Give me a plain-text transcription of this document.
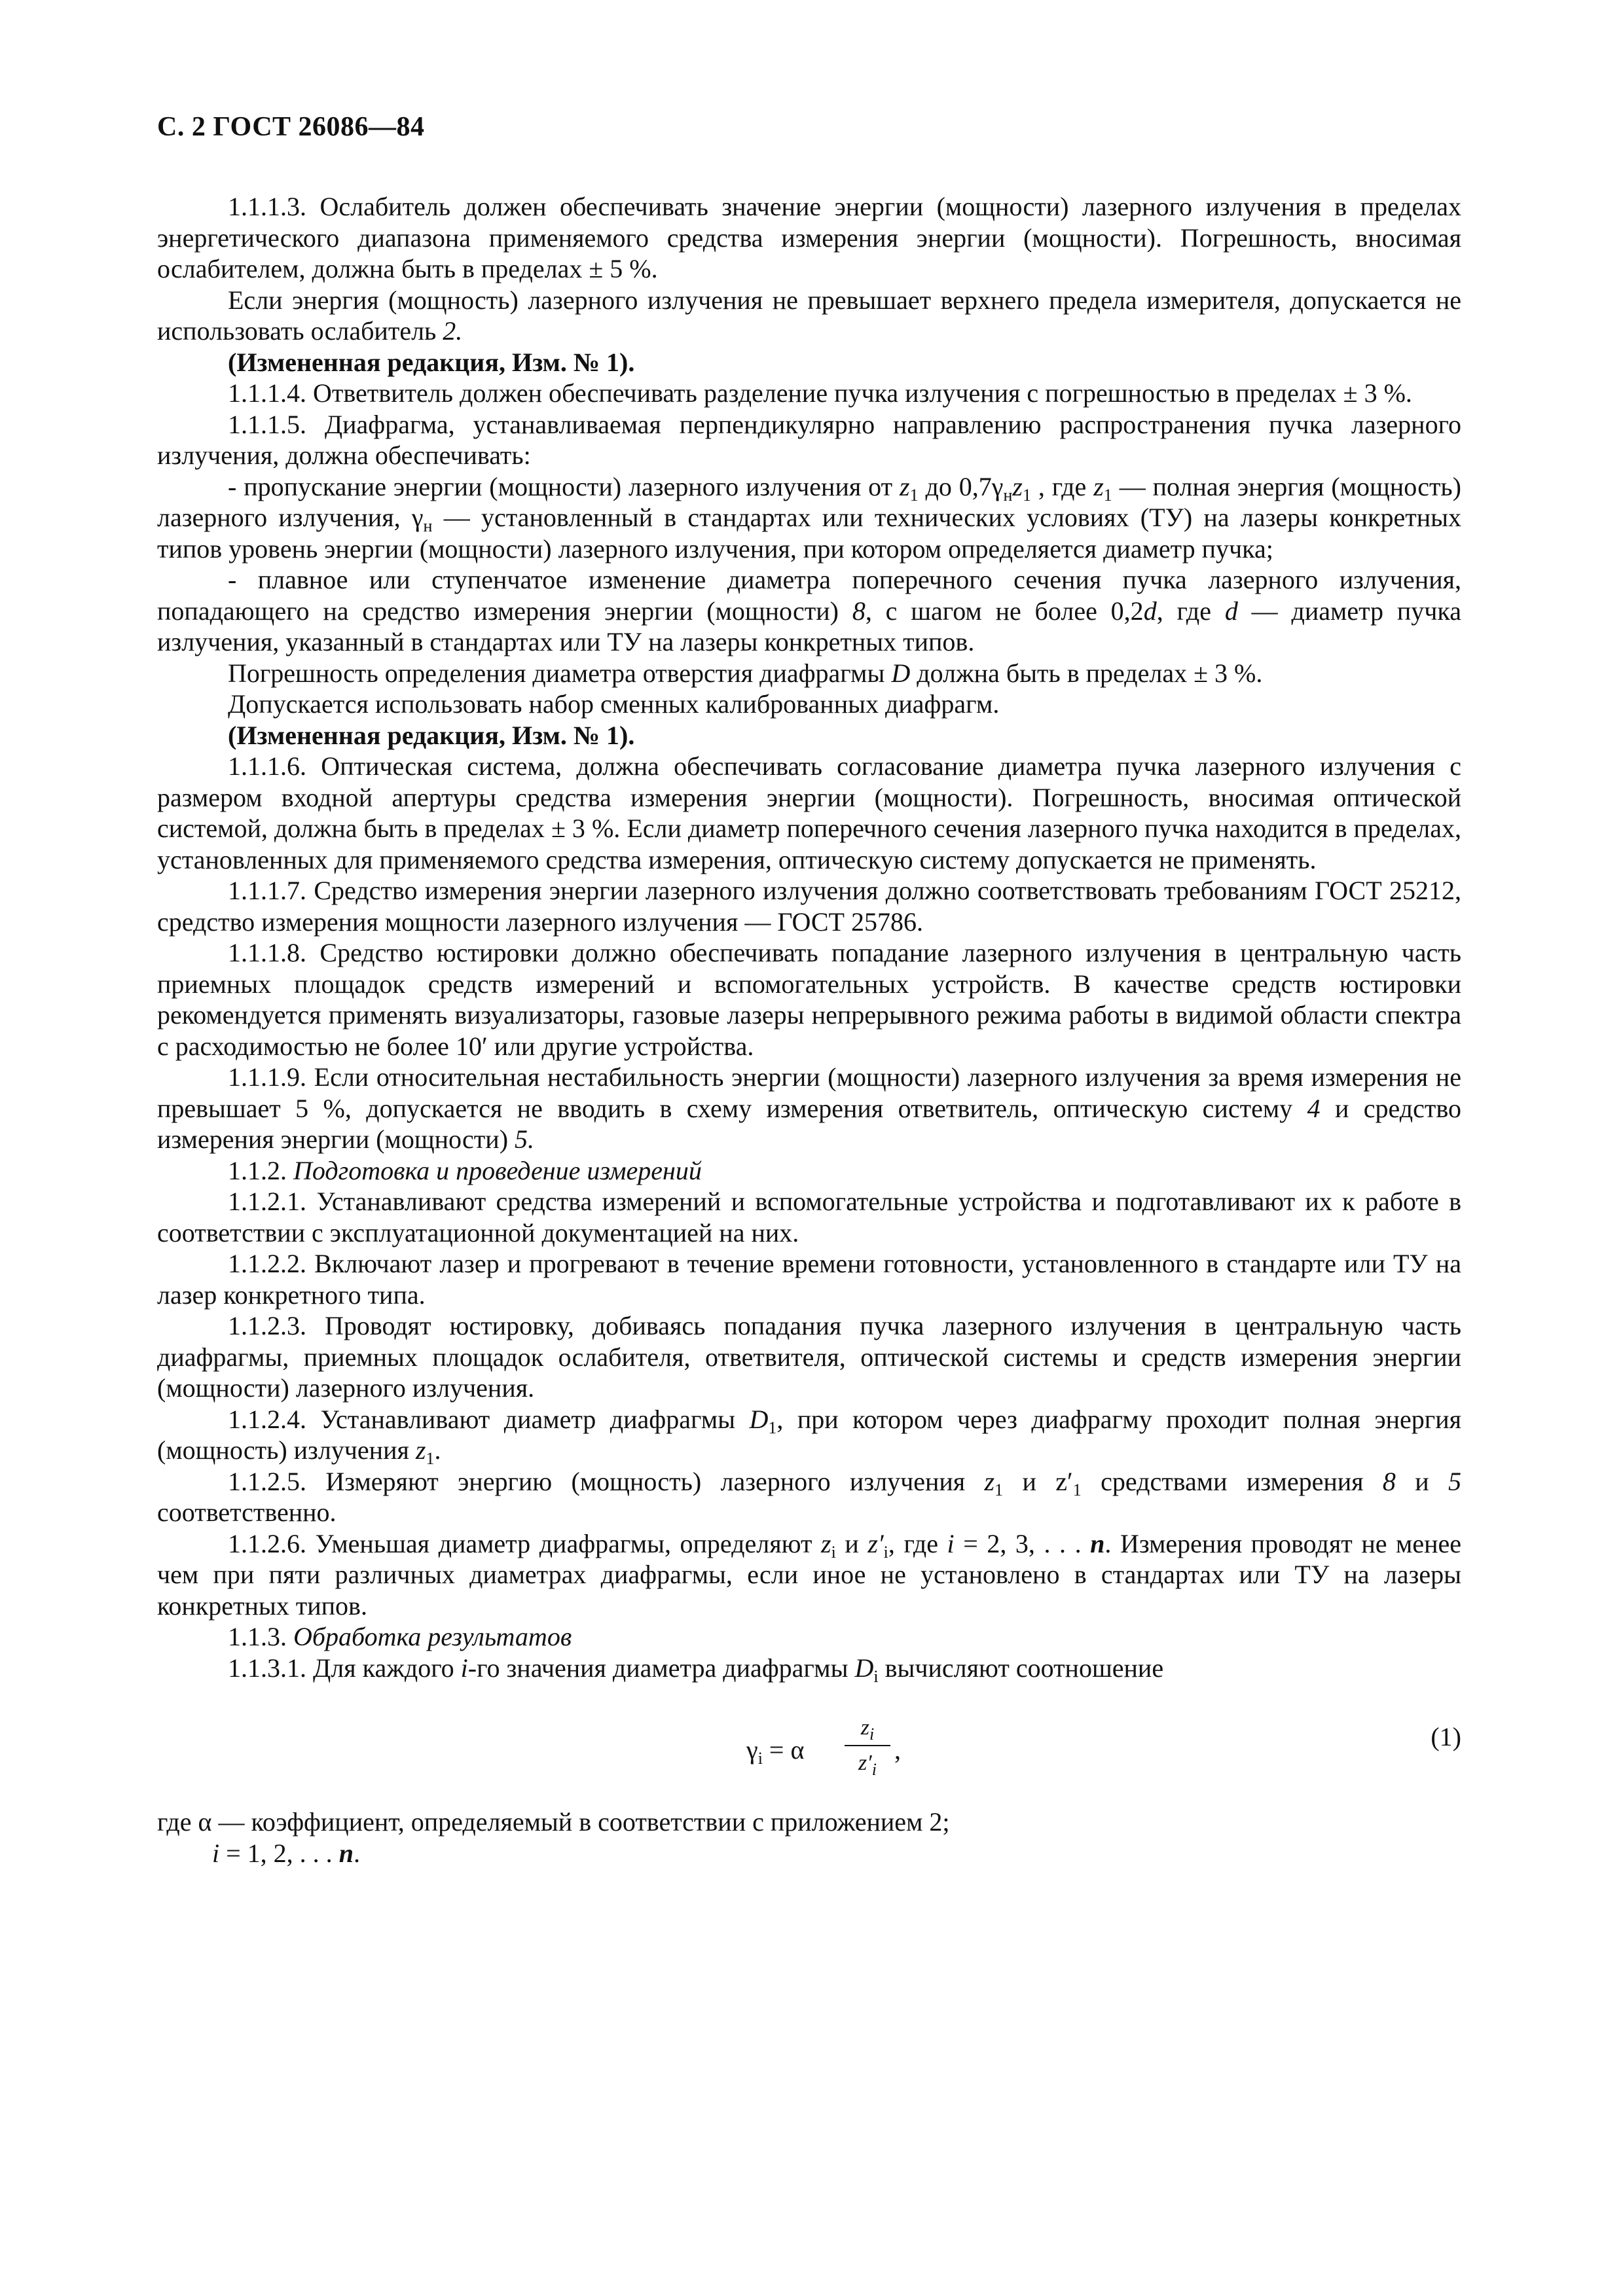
С. 2 ГОСТ 26086—84

1.1.1.3. Ослабитель должен обеспечивать значение энергии (мощности) лазерного излучения в пределах энергетического диапазона применяемого средства измерения энергии (мощности). Погрешность, вносимая ослабителем, должна быть в пределах ± 5 %.

Если энергия (мощность) лазерного излучения не превышает верхнего предела измерителя, допускается не использовать ослабитель 2.

(Измененная редакция, Изм. № 1).

1.1.1.4. Ответвитель должен обеспечивать разделение пучка излучения с погрешностью в пределах ± 3 %.

1.1.1.5. Диафрагма, устанавливаемая перпендикулярно направлению распространения пучка лазерного излучения, должна обеспечивать:

- пропускание энергии (мощности) лазерного излучения от $z_1$ до $0,7\gamma_нz_1$ , где $z_1$ — полная энергия (мощность) лазерного излучения, $\gamma_н$ — установленный в стандартах или технических условиях (ТУ) на лазеры конкретных типов уровень энергии (мощности) лазерного излучения, при котором определяется диаметр пучка;

- плавное или ступенчатое изменение диаметра поперечного сечения пучка лазерного излучения, попадающего на средство измерения энергии (мощности) 8, с шагом не более 0,2d, где d — диаметр пучка излучения, указанный в стандартах или ТУ на лазеры конкретных типов.

Погрешность определения диаметра отверстия диафрагмы D должна быть в пределах ± 3 %.

Допускается использовать набор сменных калиброванных диафрагм.

(Измененная редакция, Изм. № 1).

1.1.1.6. Оптическая система, должна обеспечивать согласование диаметра пучка лазерного излучения с размером входной апертуры средства измерения энергии (мощности). Погрешность, вносимая оптической системой, должна быть в пределах ± 3 %. Если диаметр поперечного сечения лазерного пучка находится в пределах, установленных для применяемого средства измерения, оптическую систему допускается не применять.

1.1.1.7. Средство измерения энергии лазерного излучения должно соответствовать требованиям ГОСТ 25212, средство измерения мощности лазерного излучения — ГОСТ 25786.

1.1.1.8. Средство юстировки должно обеспечивать попадание лазерного излучения в центральную часть приемных площадок средств измерений и вспомогательных устройств. В качестве средств юстировки рекомендуется применять визуализаторы, газовые лазеры непрерывного режима работы в видимой области спектра с расходимостью не более 10′ или другие устройства.

1.1.1.9. Если относительная нестабильность энергии (мощности) лазерного излучения за время измерения не превышает 5 %, допускается не вводить в схему измерения ответвитель, оптическую систему 4 и средство измерения энергии (мощности) 5.

1.1.2. Подготовка и проведение измерений

1.1.2.1. Устанавливают средства измерений и вспомогательные устройства и подготавливают их к работе в соответствии с эксплуатационной документацией на них.

1.1.2.2. Включают лазер и прогревают в течение времени готовности, установленного в стандарте или ТУ на лазер конкретного типа.

1.1.2.3. Проводят юстировку, добиваясь попадания пучка лазерного излучения в центральную часть диафрагмы, приемных площадок ослабителя, ответвителя, оптической системы и средств измерения энергии (мощности) лазерного излучения.

1.1.2.4. Устанавливают диаметр диафрагмы $D_1$, при котором через диафрагму проходит полная энергия (мощность) излучения $z_1$.

1.1.2.5. Измеряют энергию (мощность) лазерного излучения $z_1$ и $z'_1$ средствами измерения 8 и 5 соответственно.

1.1.2.6. Уменьшая диаметр диафрагмы, определяют $z_i$ и $z'_i$, где i = 2, 3, . . . n. Измерения проводят не менее чем при пяти различных диаметрах диафрагмы, если иное не установлено в стандартах или ТУ на лазеры конкретных типов.

1.1.3. Обработка результатов

1.1.3.1. Для каждого i-го значения диаметра диафрагмы $D_i$ вычисляют соотношение

$\gamma_i = \alpha$
$z_i$
$z'_i$
,	(1)

где α — коэффициент, определяемый в соответствии с приложением 2;

i = 1, 2, . . . n.
